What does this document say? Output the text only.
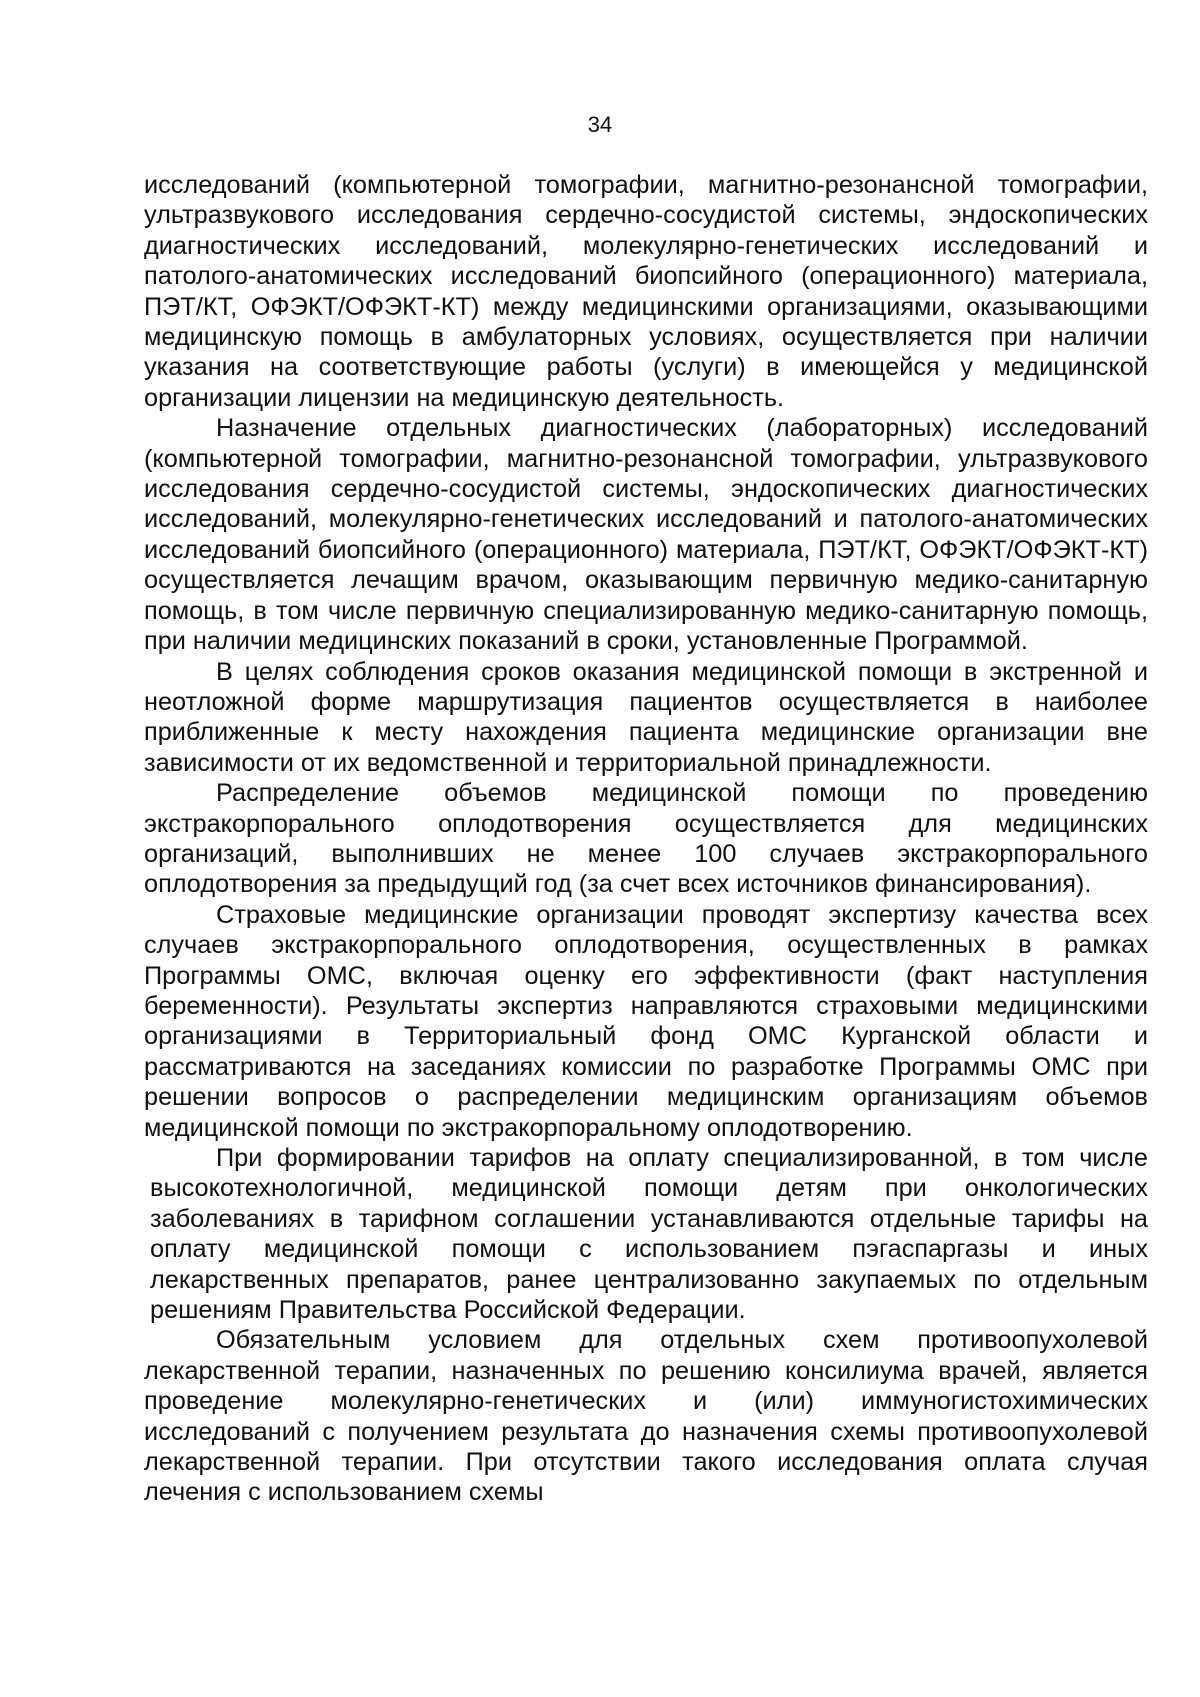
34

исследований (компьютерной томографии, магнитно-резонансной томографии, ультразвукового исследования сердечно-сосудистой системы, эндоскопических диагностических исследований, молекулярно-генетических исследований и патолого-анатомических исследований биопсийного (операционного) материала, ПЭТ/КТ, ОФЭКТ/ОФЭКТ-КТ) между медицинскими организациями, оказывающими медицинскую помощь в амбулаторных условиях, осуществляется при наличии указания на соответствующие работы (услуги) в имеющейся у медицинской организации лицензии на медицинскую деятельность.

Назначение отдельных диагностических (лабораторных) исследований (компьютерной томографии, магнитно-резонансной томографии, ультразвукового исследования сердечно-сосудистой системы, эндоскопических диагностических исследований, молекулярно-генетических исследований и патолого-анатомических исследований биопсийного (операционного) материала, ПЭТ/КТ, ОФЭКТ/ОФЭКТ-КТ) осуществляется лечащим врачом, оказывающим первичную медико-санитарную помощь, в том числе первичную специализированную медико-санитарную помощь, при наличии медицинских показаний в сроки, установленные Программой.

В целях соблюдения сроков оказания медицинской помощи в экстренной и неотложной форме маршрутизация пациентов осуществляется в наиболее приближенные к месту нахождения пациента медицинские организации вне зависимости от их ведомственной и территориальной принадлежности.

Распределение объемов медицинской помощи по проведению экстракорпорального оплодотворения осуществляется для медицинских организаций, выполнивших не менее 100 случаев экстракорпорального оплодотворения за предыдущий год (за счет всех источников финансирования).

Страховые медицинские организации проводят экспертизу качества всех случаев экстракорпорального оплодотворения, осуществленных в рамках Программы ОМС, включая оценку его эффективности (факт наступления беременности). Результаты экспертиз направляются страховыми медицинскими организациями в Территориальный фонд ОМС Курганской области и рассматриваются на заседаниях комиссии по разработке Программы ОМС при решении вопросов о распределении медицинским организациям объемов медицинской помощи по экстракорпоральному оплодотворению.

При формировании тарифов на оплату специализированной, в том числе высокотехнологичной, медицинской помощи детям при онкологических заболеваниях в тарифном соглашении устанавливаются отдельные тарифы на оплату медицинской помощи с использованием пэгаспаргазы и иных лекарственных препаратов, ранее централизованно закупаемых по отдельным решениям Правительства Российской Федерации.

Обязательным условием для отдельных схем противоопухолевой лекарственной терапии, назначенных по решению консилиума врачей, является проведение молекулярно-генетических и (или) иммуногистохимических исследований с получением результата до назначения схемы противоопухолевой лекарственной терапии. При отсутствии такого исследования оплата случая лечения с использованием схемы
